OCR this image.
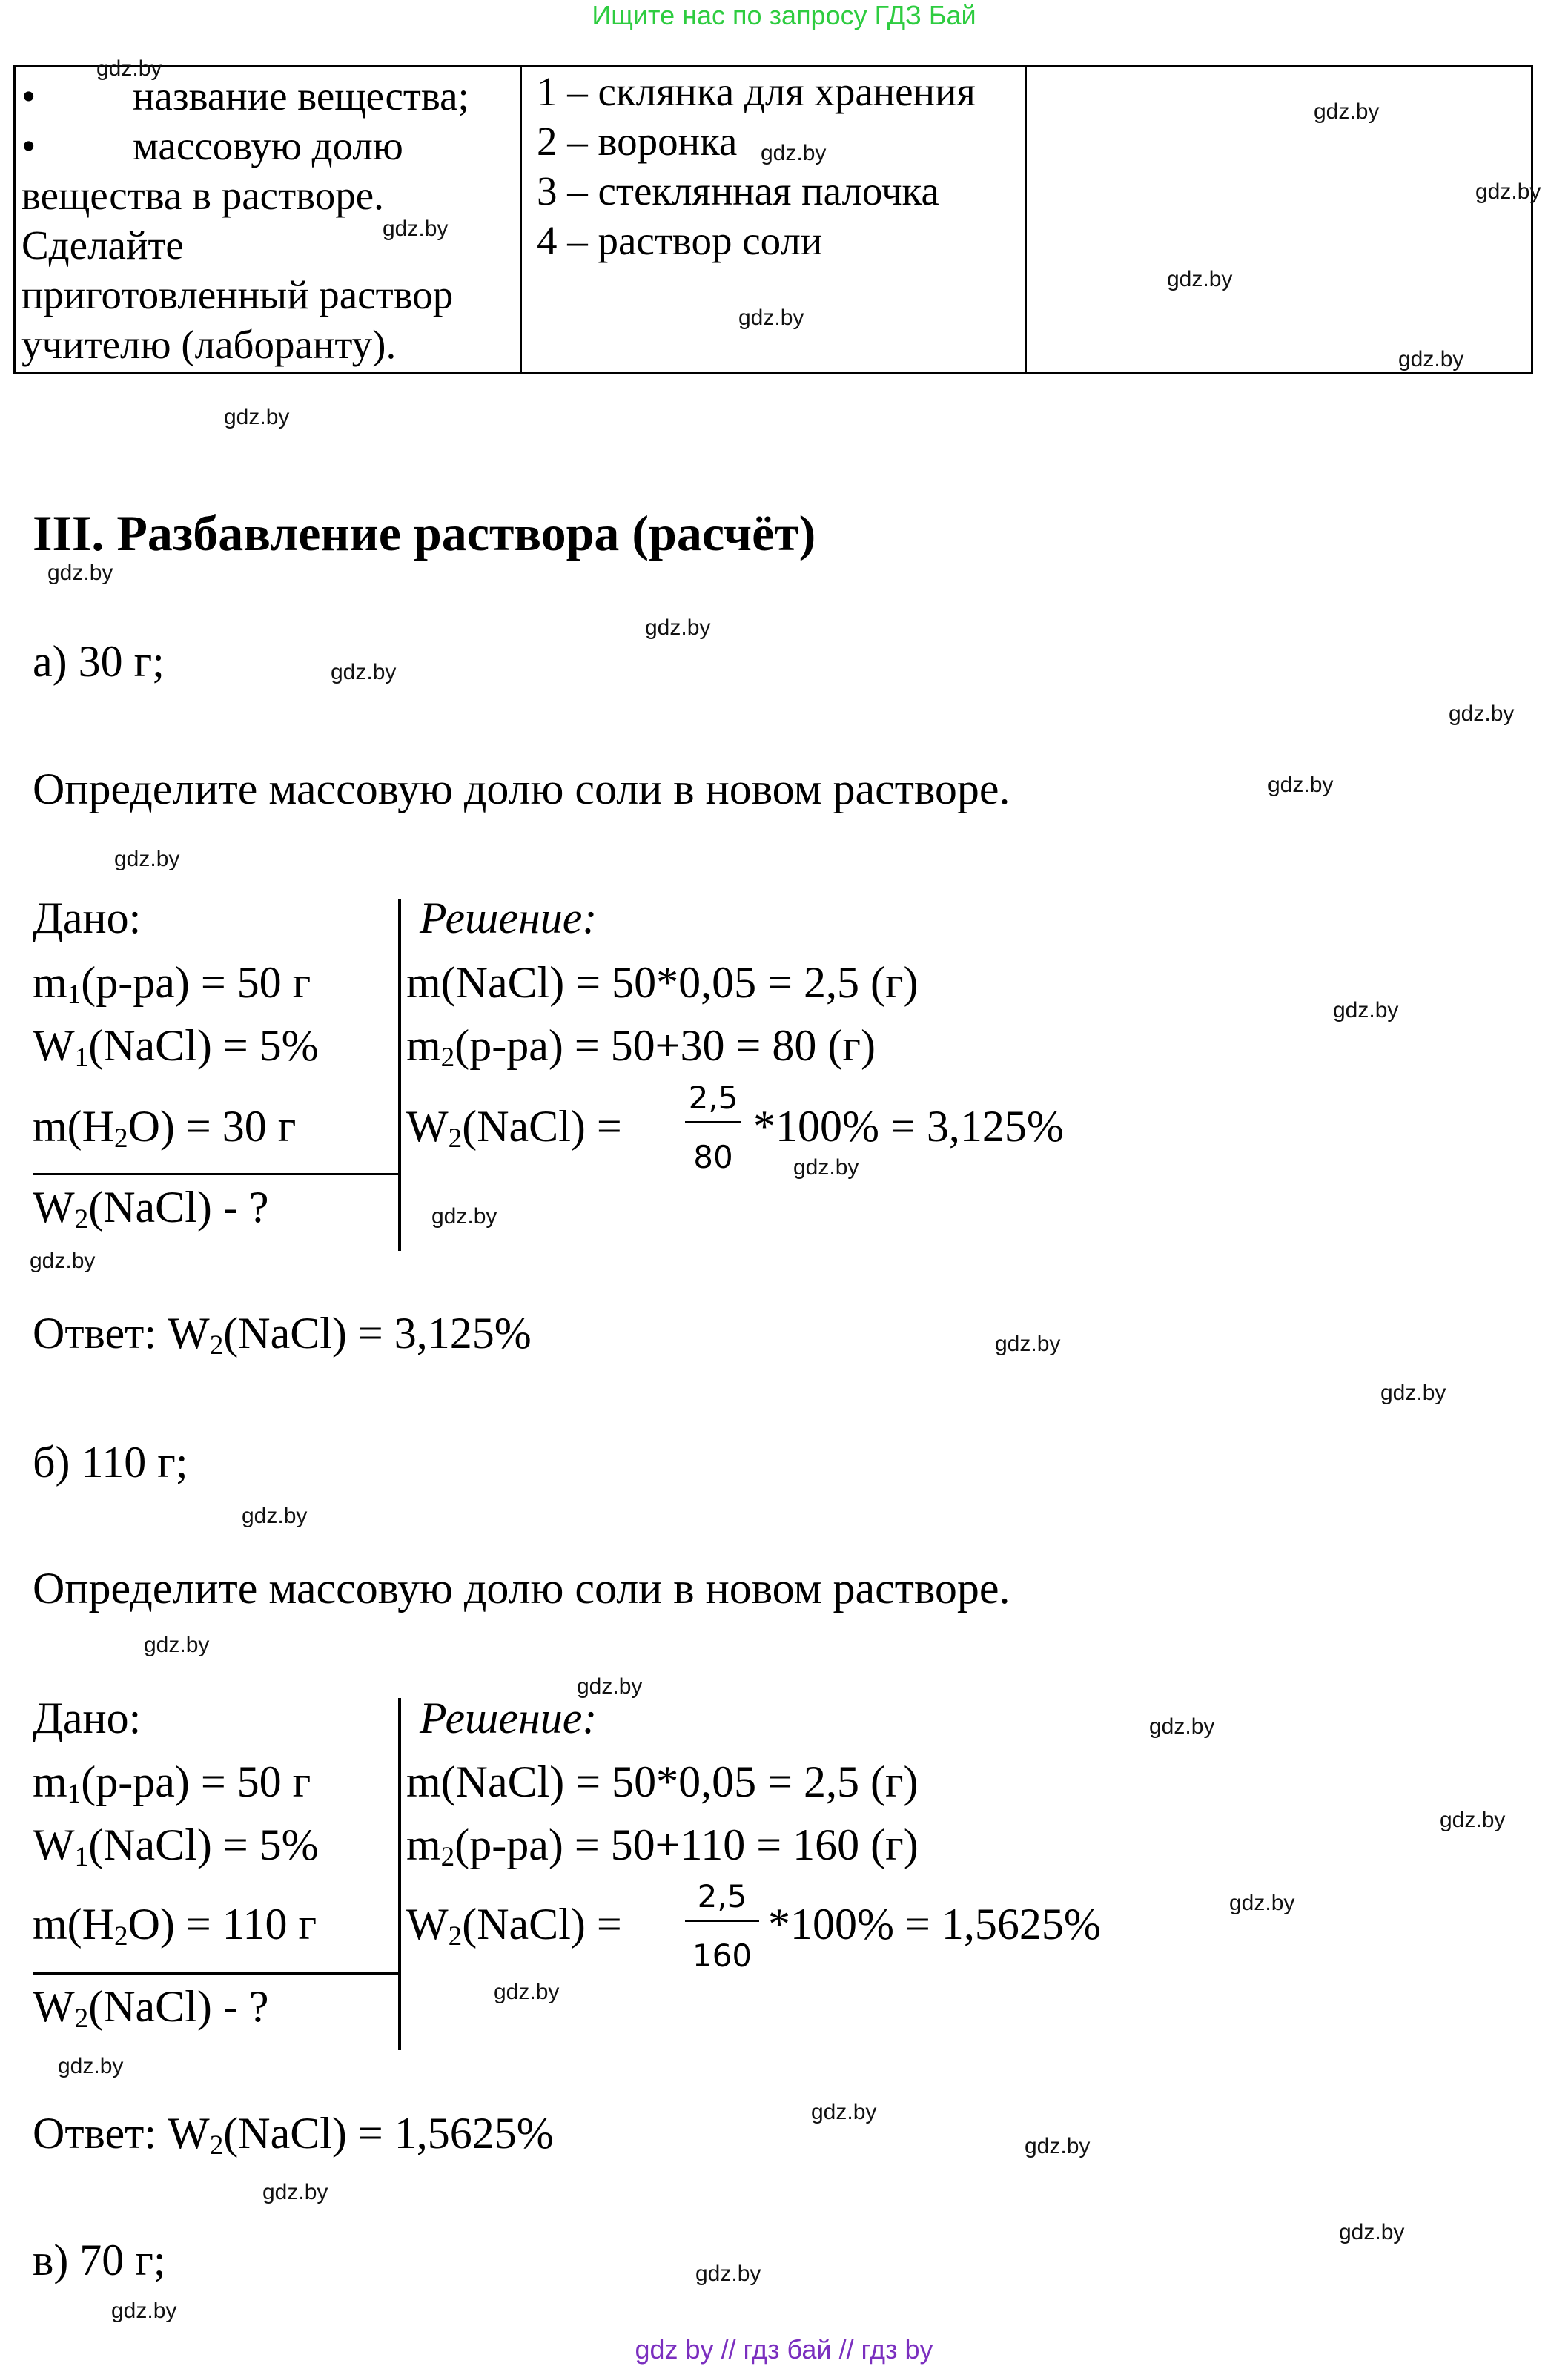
Ищите нас по запросу ГДЗ Бай
• название вещества;
• массовую долю
вещества в растворе.
Сделайте
приготовленный раствор
учителю (лаборанту).

1 – склянка для хранения
2 – воронка
3 – стеклянная палочка
4 – раствор соли

III. Разбавление раствора (расчёт)
а) 30 г;
Определите массовую долю соли в новом растворе.
Дано:	Решение:
$m_1(р-ра) = 50$ г
$W_1(NaCl) = 5\%$
$m(H_2O) = 30$ г
$W_2(NaCl)$ - ?
m(NaCl) = 50*0,05 = 2,5 (г)
$m_2(р-ра) = 50+30 = 80$ (г)
$W_2(NaCl)$ =
2,5
80
*100% = 3,125%
Ответ: $W_2(NaCl) = 3,125\%$
б) 110 г;
Определите массовую долю соли в новом растворе.
Дано:	Решение:
$m_1(р-ра) = 50$ г
$W_1(NaCl) = 5\%$
$m(H_2O) = 110$ г
$W_2(NaCl)$ - ?
m(NaCl) = 50*0,05 = 2,5 (г)
$m_2(р-ра) = 50+110 = 160$ (г)
$W_2(NaCl)$ =
2,5
160
*100% = 1,5625%
Ответ: $W_2(NaCl) = 1,5625\%$
в) 70 г;
gdz.by
gdz.by
gdz.by
gdz.by
gdz.by
gdz.by
gdz.by
gdz.by
gdz.by
gdz.by
gdz.by
gdz.by
gdz.by
gdz.by
gdz.by
gdz.by
gdz.by
gdz.by
gdz.by
gdz.by
gdz.by
gdz.by
gdz.by
gdz.by
gdz.by
gdz.by
gdz.by
gdz.by
gdz.by
gdz.by
gdz.by
gdz.by
gdz.by
gdz.by
gdz.by
gdz by // гдз бай // гдз by
